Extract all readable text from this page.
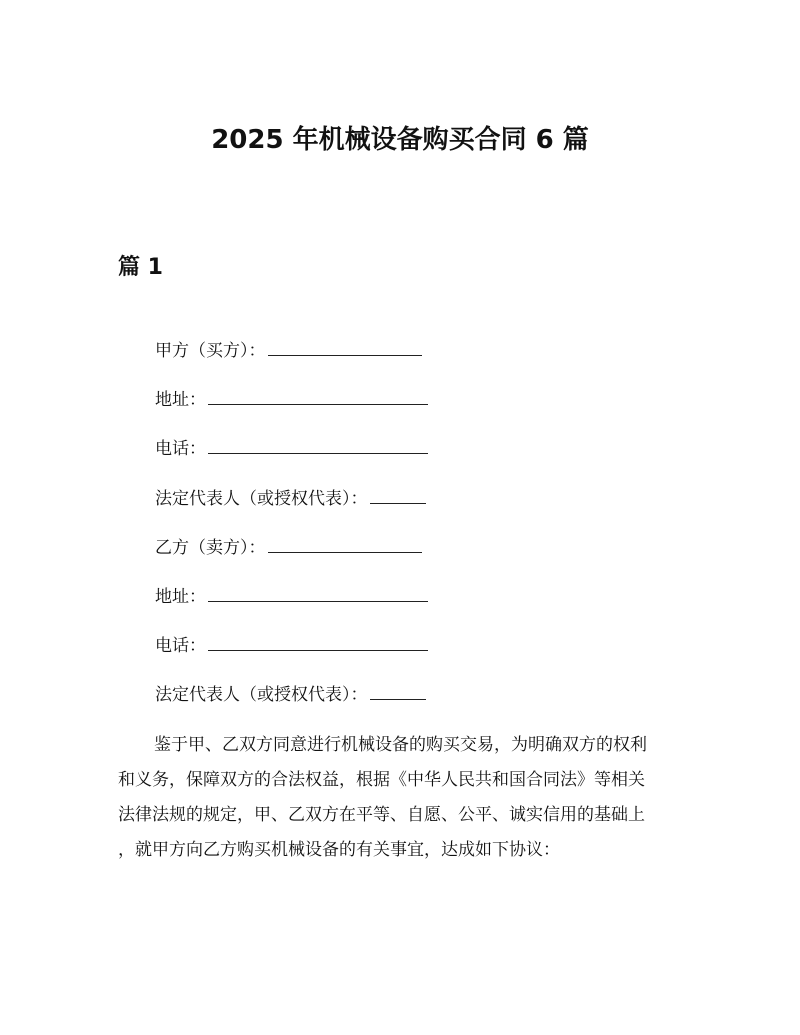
2025 年机械设备购买合同 6 篇
篇 1
甲方（买方）：
地址：
电话：
法定代表人（或授权代表）：
乙方（卖方）：
地址：
电话：
法定代表人（或授权代表）：

鉴于甲、乙双方同意进行机械设备的购买交易，为明确双方的权利
和义务，保障双方的合法权益，根据《中华人民共和国合同法》等相关
法律法规的规定，甲、乙双方在平等、自愿、公平、诚实信用的基础上
，就甲方向乙方购买机械设备的有关事宜，达成如下协议：
